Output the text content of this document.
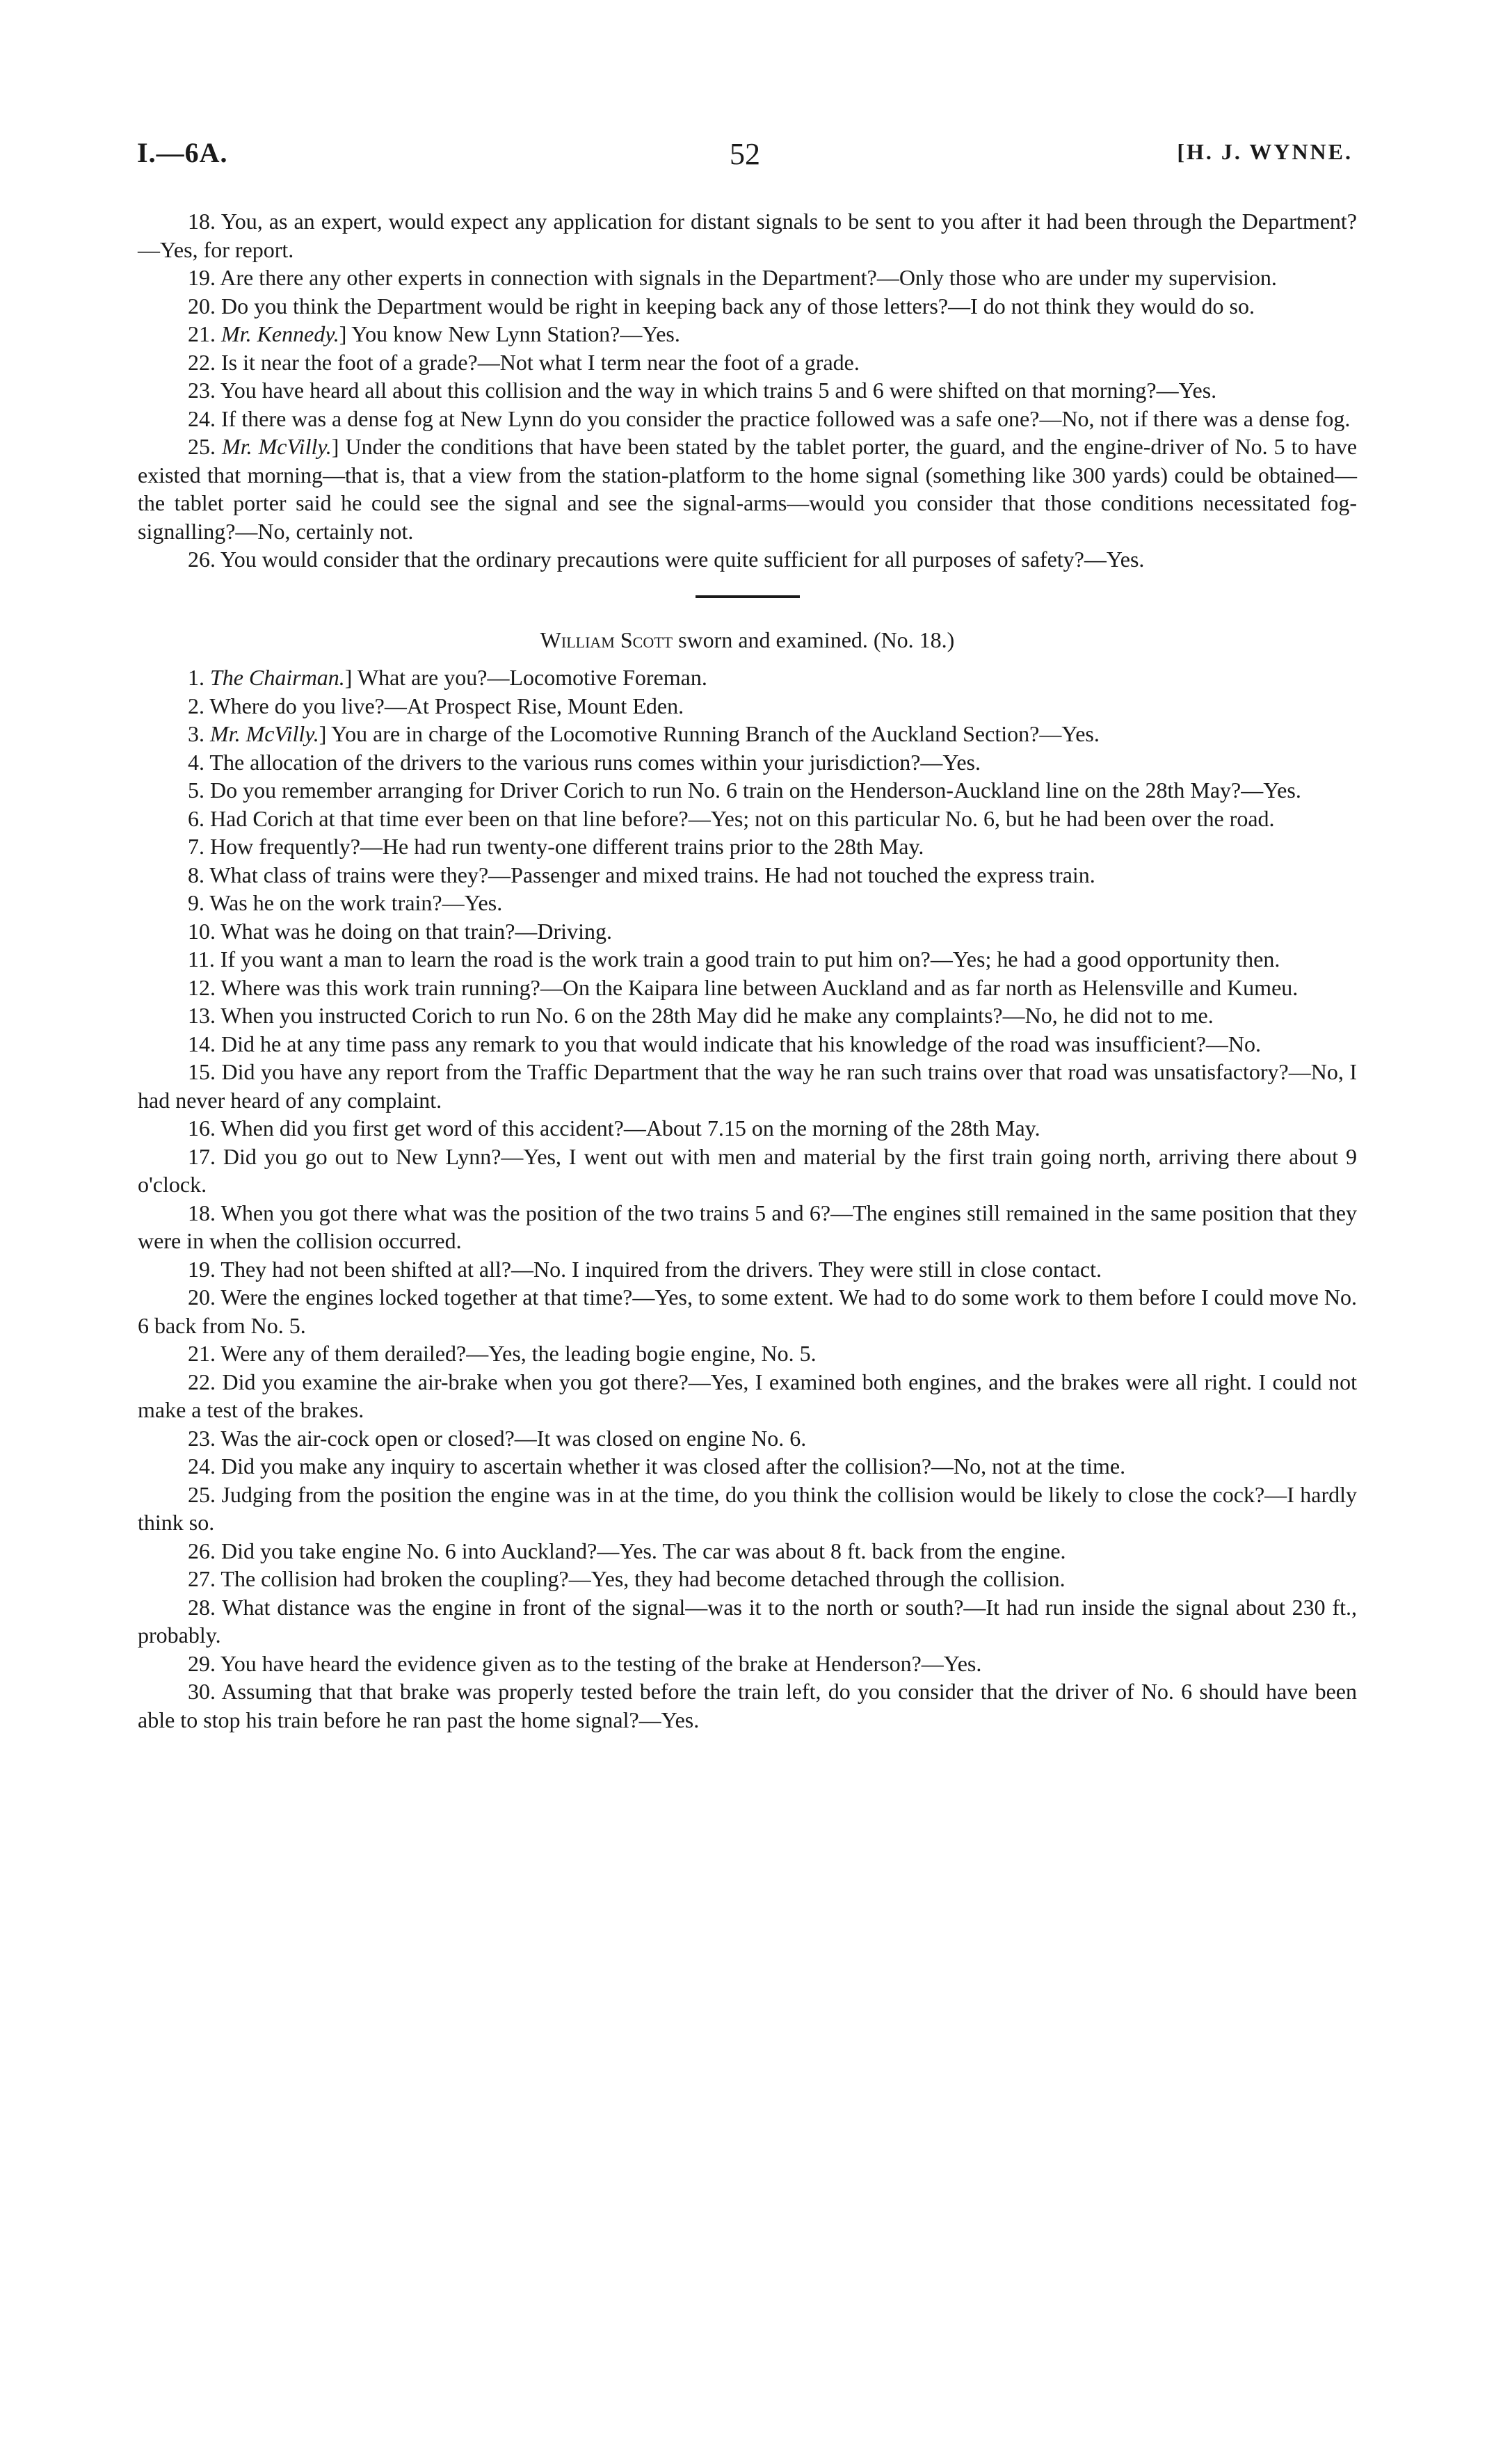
I.—6A.	52	[H. J. WYNNE.

18. You, as an expert, would expect any application for distant signals to be sent to you after it had been through the Department?—Yes, for report.

19. Are there any other experts in connection with signals in the Department?—Only those who are under my supervision.

20. Do you think the Department would be right in keeping back any of those letters?—I do not think they would do so.

21. Mr. Kennedy.] You know New Lynn Station?—Yes.

22. Is it near the foot of a grade?—Not what I term near the foot of a grade.

23. You have heard all about this collision and the way in which trains 5 and 6 were shifted on that morning?—Yes.

24. If there was a dense fog at New Lynn do you consider the practice followed was a safe one?—No, not if there was a dense fog.

25. Mr. McVilly.] Under the conditions that have been stated by the tablet porter, the guard, and the engine-driver of No. 5 to have existed that morning—that is, that a view from the station-platform to the home signal (something like 300 yards) could be obtained—the tablet porter said he could see the signal and see the signal-arms—would you consider that those conditions necessitated fog-signalling?—No, certainly not.

26. You would consider that the ordinary precautions were quite sufficient for all purposes of safety?—Yes.

William Scott sworn and examined. (No. 18.)

1. The Chairman.] What are you?—Locomotive Foreman.

2. Where do you live?—At Prospect Rise, Mount Eden.

3. Mr. McVilly.] You are in charge of the Locomotive Running Branch of the Auckland Section?—Yes.

4. The allocation of the drivers to the various runs comes within your jurisdiction?—Yes.

5. Do you remember arranging for Driver Corich to run No. 6 train on the Henderson-Auckland line on the 28th May?—Yes.

6. Had Corich at that time ever been on that line before?—Yes; not on this particular No. 6, but he had been over the road.

7. How frequently?—He had run twenty-one different trains prior to the 28th May.

8. What class of trains were they?—Passenger and mixed trains. He had not touched the express train.

9. Was he on the work train?—Yes.

10. What was he doing on that train?—Driving.

11. If you want a man to learn the road is the work train a good train to put him on?—Yes; he had a good opportunity then.

12. Where was this work train running?—On the Kaipara line between Auckland and as far north as Helensville and Kumeu.

13. When you instructed Corich to run No. 6 on the 28th May did he make any complaints?—No, he did not to me.

14. Did he at any time pass any remark to you that would indicate that his knowledge of the road was insufficient?—No.

15. Did you have any report from the Traffic Department that the way he ran such trains over that road was unsatisfactory?—No, I had never heard of any complaint.

16. When did you first get word of this accident?—About 7.15 on the morning of the 28th May.

17. Did you go out to New Lynn?—Yes, I went out with men and material by the first train going north, arriving there about 9 o'clock.

18. When you got there what was the position of the two trains 5 and 6?—The engines still remained in the same position that they were in when the collision occurred.

19. They had not been shifted at all?—No. I inquired from the drivers. They were still in close contact.

20. Were the engines locked together at that time?—Yes, to some extent. We had to do some work to them before I could move No. 6 back from No. 5.

21. Were any of them derailed?—Yes, the leading bogie engine, No. 5.

22. Did you examine the air-brake when you got there?—Yes, I examined both engines, and the brakes were all right. I could not make a test of the brakes.

23. Was the air-cock open or closed?—It was closed on engine No. 6.

24. Did you make any inquiry to ascertain whether it was closed after the collision?—No, not at the time.

25. Judging from the position the engine was in at the time, do you think the collision would be likely to close the cock?—I hardly think so.

26. Did you take engine No. 6 into Auckland?—Yes. The car was about 8 ft. back from the engine.

27. The collision had broken the coupling?—Yes, they had become detached through the collision.

28. What distance was the engine in front of the signal—was it to the north or south?—It had run inside the signal about 230 ft., probably.

29. You have heard the evidence given as to the testing of the brake at Henderson?—Yes.

30. Assuming that that brake was properly tested before the train left, do you consider that the driver of No. 6 should have been able to stop his train before he ran past the home signal?—Yes.
